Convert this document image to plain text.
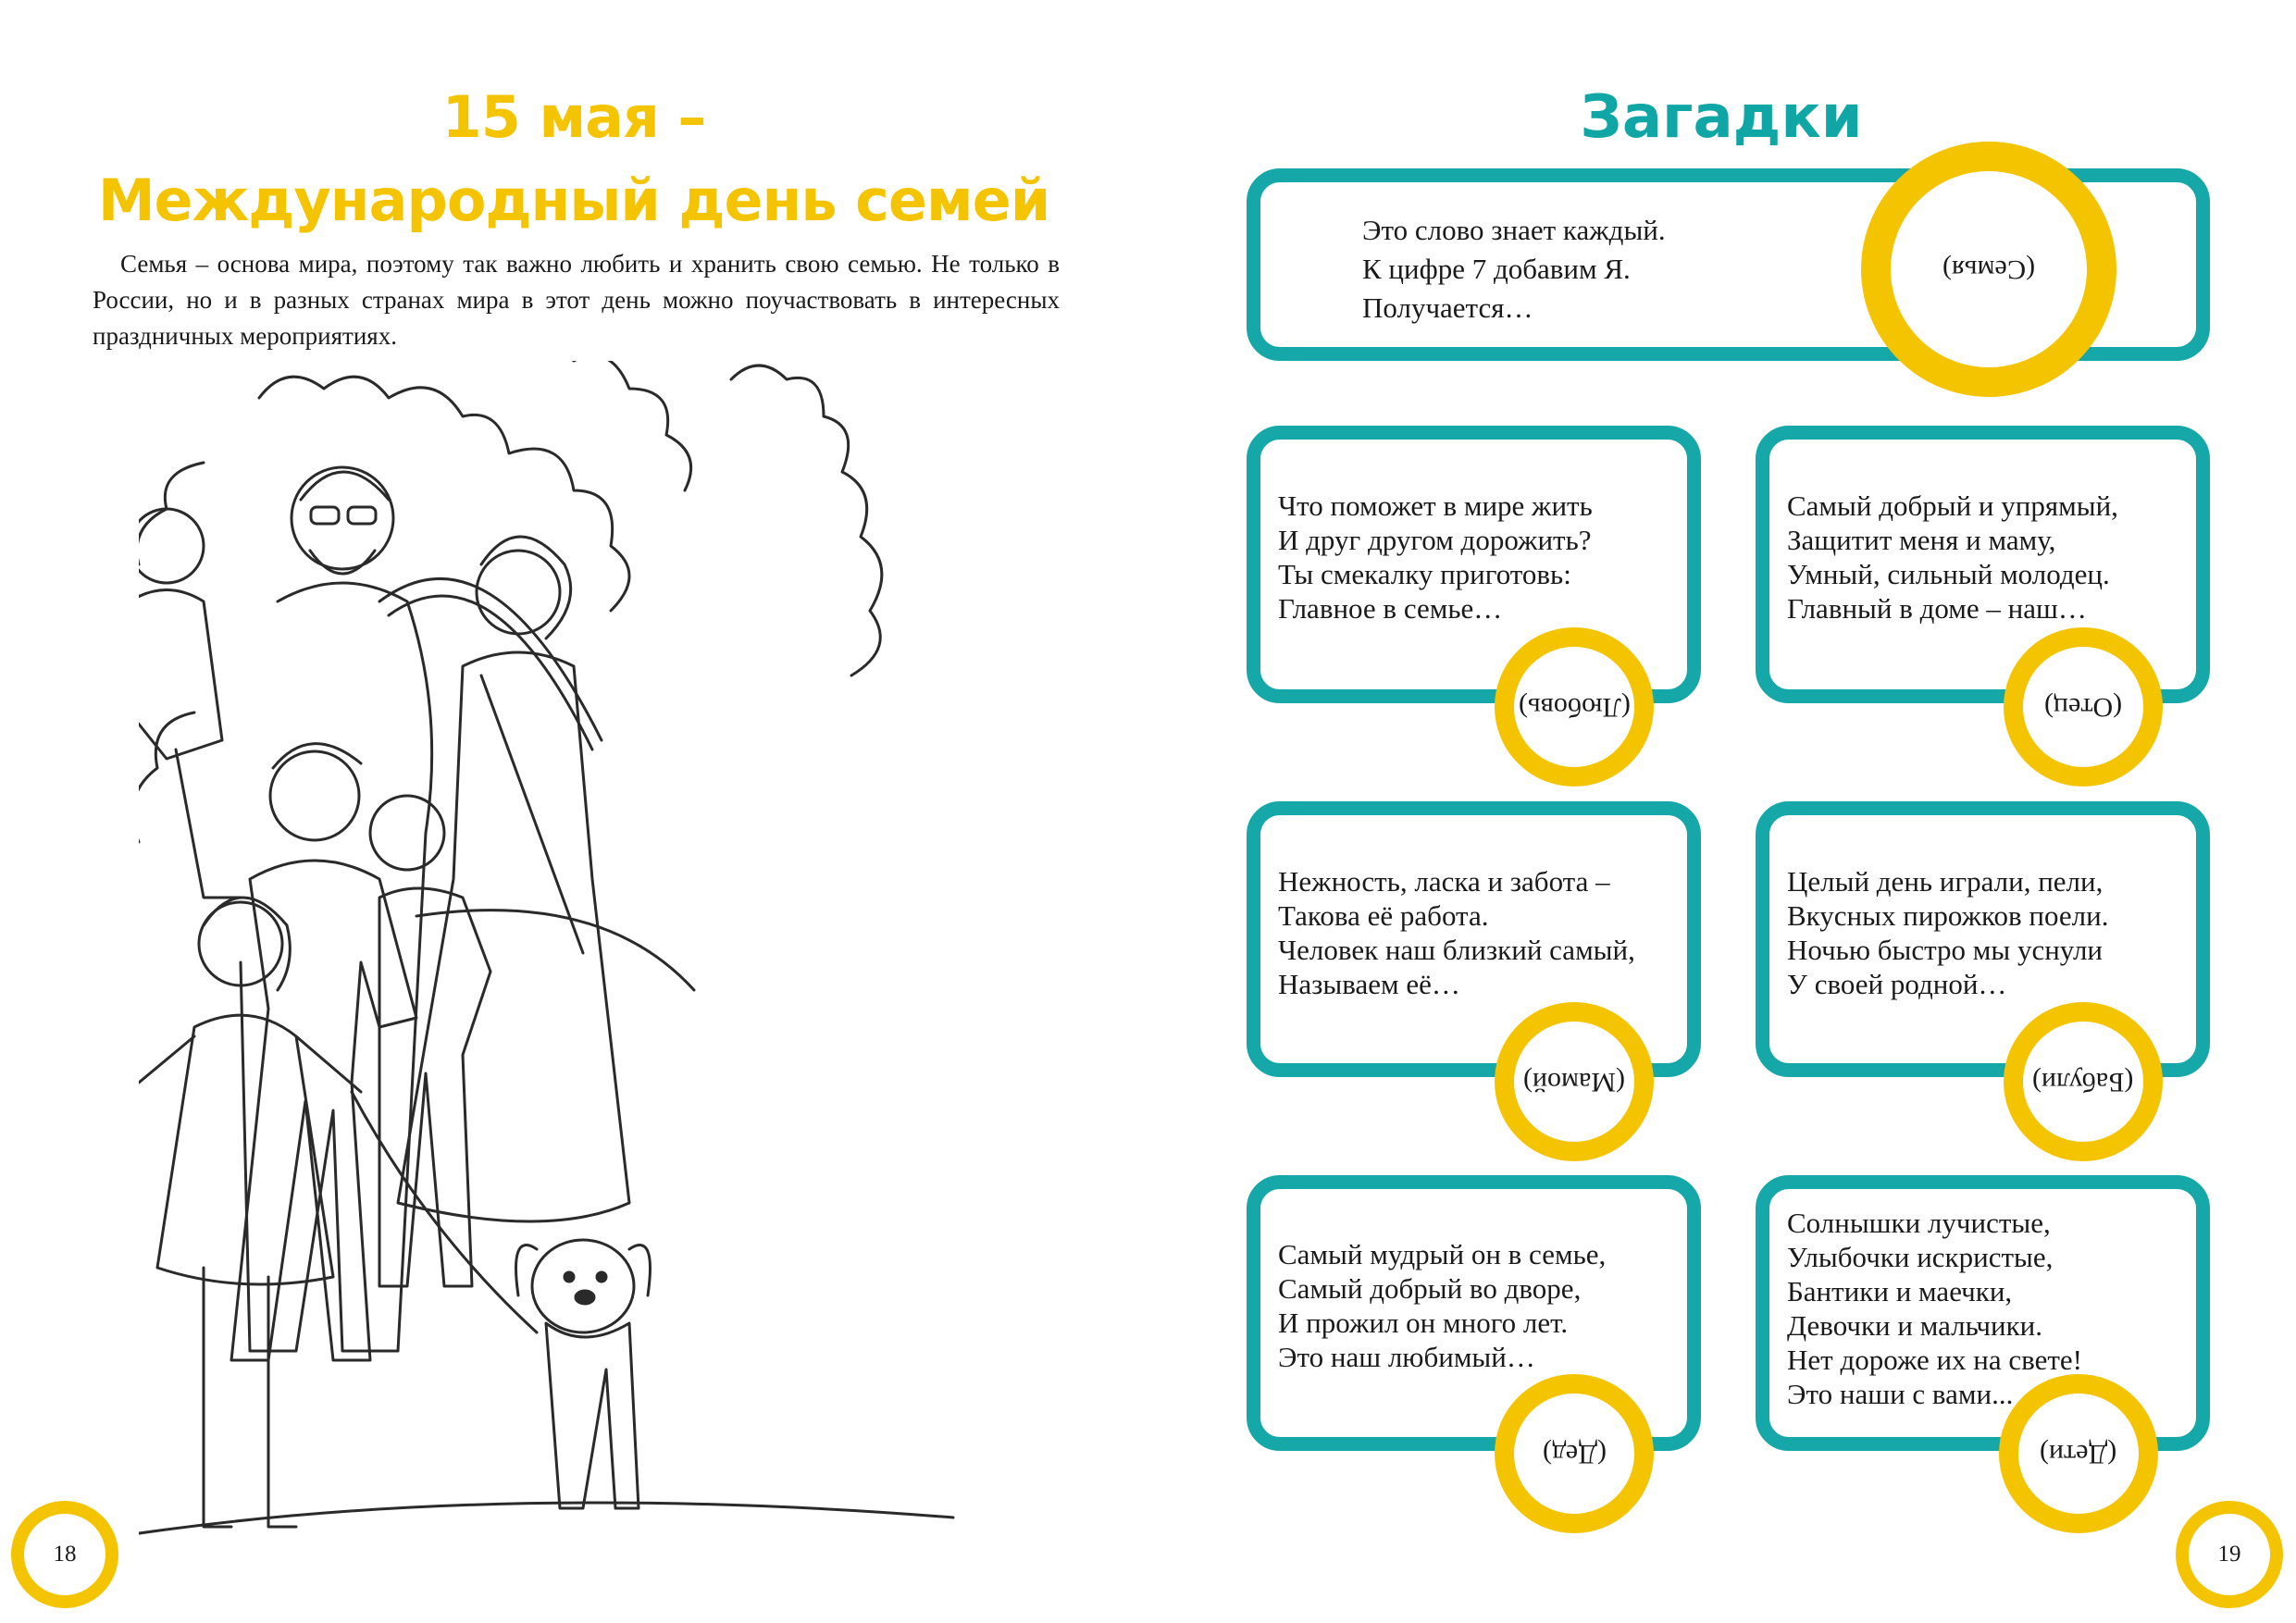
15 мая –
Международный день семей
Семья – основа мира, поэтому так важно любить и хранить свою семью. Не только в России, но и в разных странах мира в этот день можно поучаствовать в интересных праздничных мероприятиях.
18
Загадки
Это слово знает каждый.
К цифре 7 добавим Я.
Получается…
(Семья)
Что поможет в мире жить
И друг другом дорожить?
Ты смекалку приготовь:
Главное в семье…
(Любовь)
Самый добрый и упрямый,
Защитит меня и маму,
Умный, сильный молодец.
Главный в доме – наш…
(Отец)
Нежность, ласка и забота –
Такова её работа.
Человек наш близкий самый,
Называем её…
(Мамой)
Целый день играли, пели,
Вкусных пирожков поели.
Ночью быстро мы уснули
У своей родной…
(Бабули)
Самый мудрый он в семье,
Самый добрый во дворе,
И прожил он много лет.
Это наш любимый…
(Дед)
Солнышки лучистые,
Улыбочки искристые,
Бантики и маечки,
Девочки и мальчики.
Нет дороже их на свете!
Это наши с вами...
(Дети)
19
